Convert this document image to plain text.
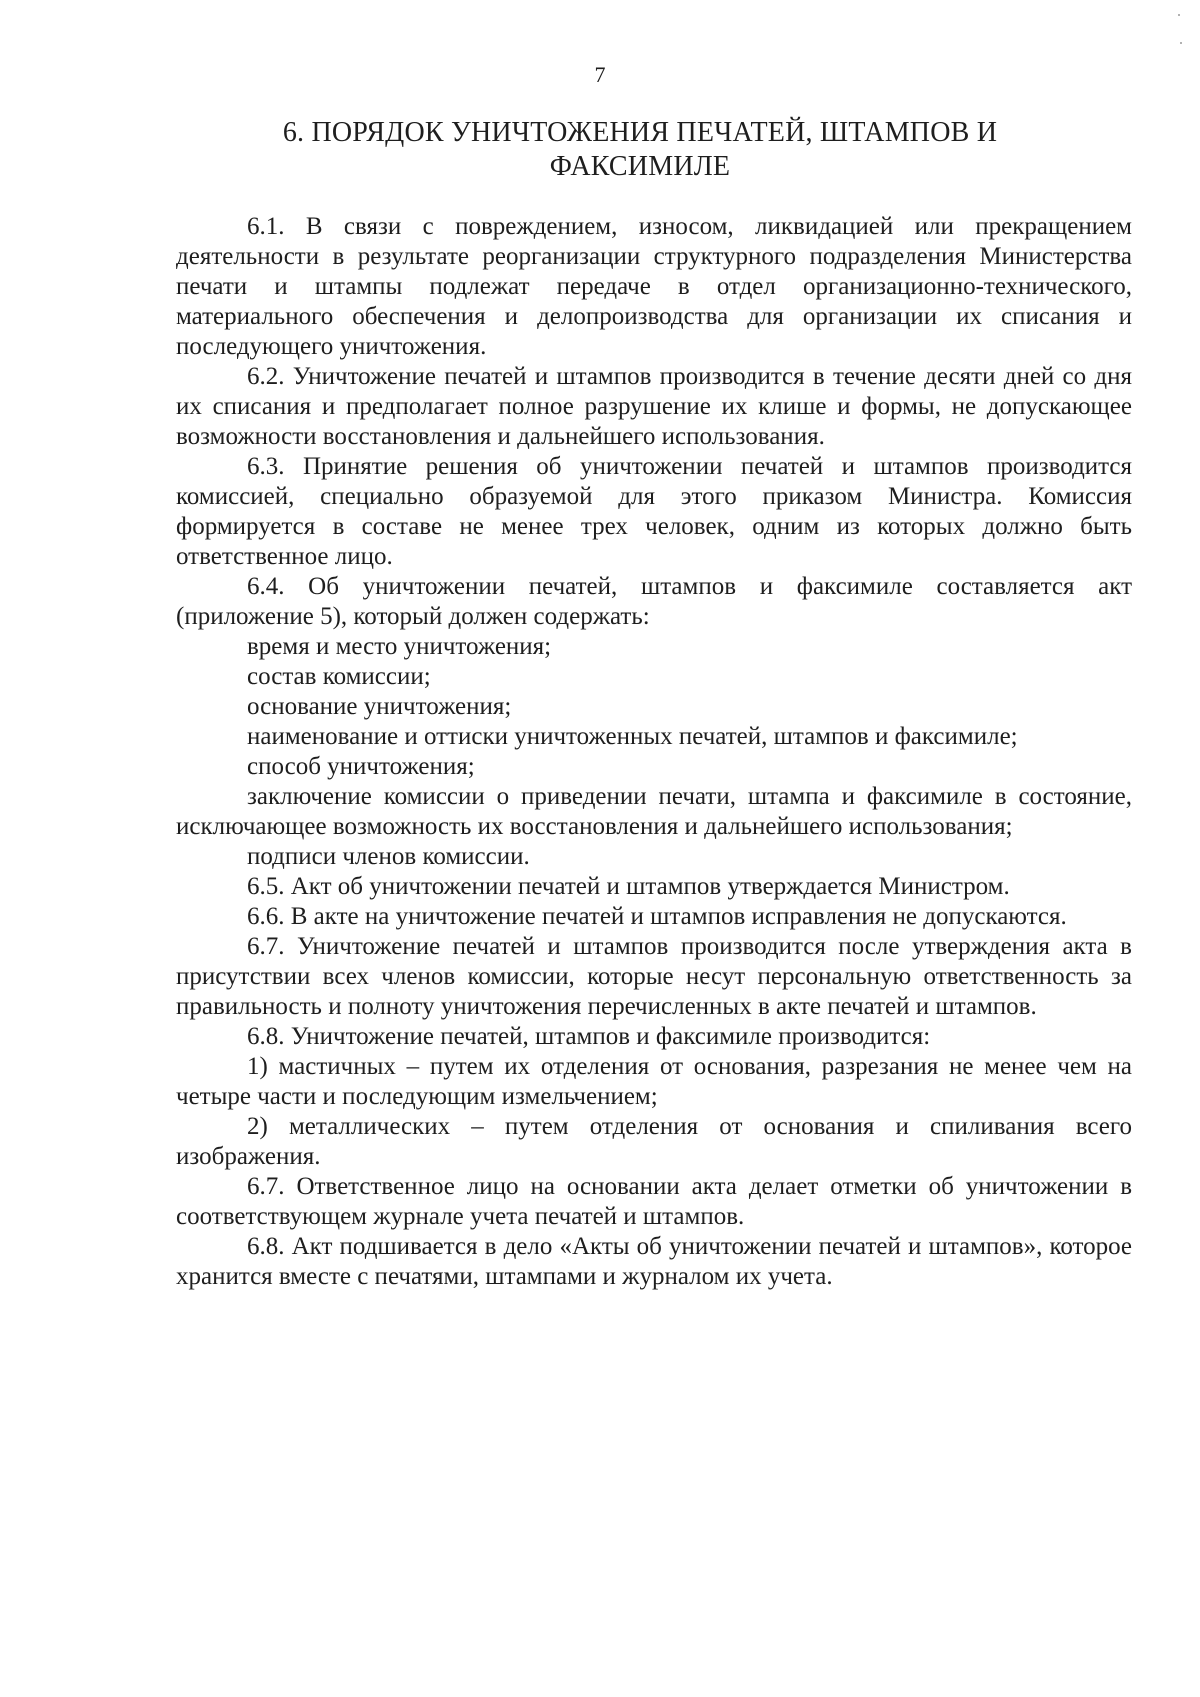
7
6. ПОРЯДОК УНИЧТОЖЕНИЯ ПЕЧАТЕЙ, ШТАМПОВ И
ФАКСИМИЛЕ

6.1. В связи с повреждением, износом, ликвидацией или прекращением деятельности в результате реорганизации структурного подразделения Министерства печати и штампы подлежат передаче в отдел организационно-технического, материального обеспечения и делопроизводства для организации их списания и последующего уничтожения.

6.2. Уничтожение печатей и штампов производится в течение десяти дней со дня их списания и предполагает полное разрушение их клише и формы, не допускающее возможности восстановления и дальнейшего использования.

6.3. Принятие решения об уничтожении печатей и штампов производится комиссией, специально образуемой для этого приказом Министра. Комиссия формируется в составе не менее трех человек, одним из которых должно быть ответственное лицо.

6.4. Об уничтожении печатей, штампов и факсимиле составляется акт (приложение 5), который должен содержать:

время и место уничтожения;

состав комиссии;

основание уничтожения;

наименование и оттиски уничтоженных печатей, штампов и факсимиле;

способ уничтожения;

заключение комиссии о приведении печати, штампа и факсимиле в состояние, исключающее возможность их восстановления и дальнейшего использования;

подписи членов комиссии.

6.5. Акт об уничтожении печатей и штампов утверждается Министром.

6.6. В акте на уничтожение печатей и штампов исправления не допускаются.

6.7. Уничтожение печатей и штампов производится после утверждения акта в присутствии всех членов комиссии, которые несут персональную ответственность за правильность и полноту уничтожения перечисленных в акте печатей и штампов.

6.8. Уничтожение печатей, штампов и факсимиле производится:

1) мастичных – путем их отделения от основания, разрезания не менее чем на четыре части и последующим измельчением;

2) металлических – путем отделения от основания и спиливания всего изображения.

6.7. Ответственное лицо на основании акта делает отметки об уничтожении в соответствующем журнале учета печатей и штампов.

6.8. Акт подшивается в дело «Акты об уничтожении печатей и штампов», которое хранится вместе с печатями, штампами и журналом их учета.
